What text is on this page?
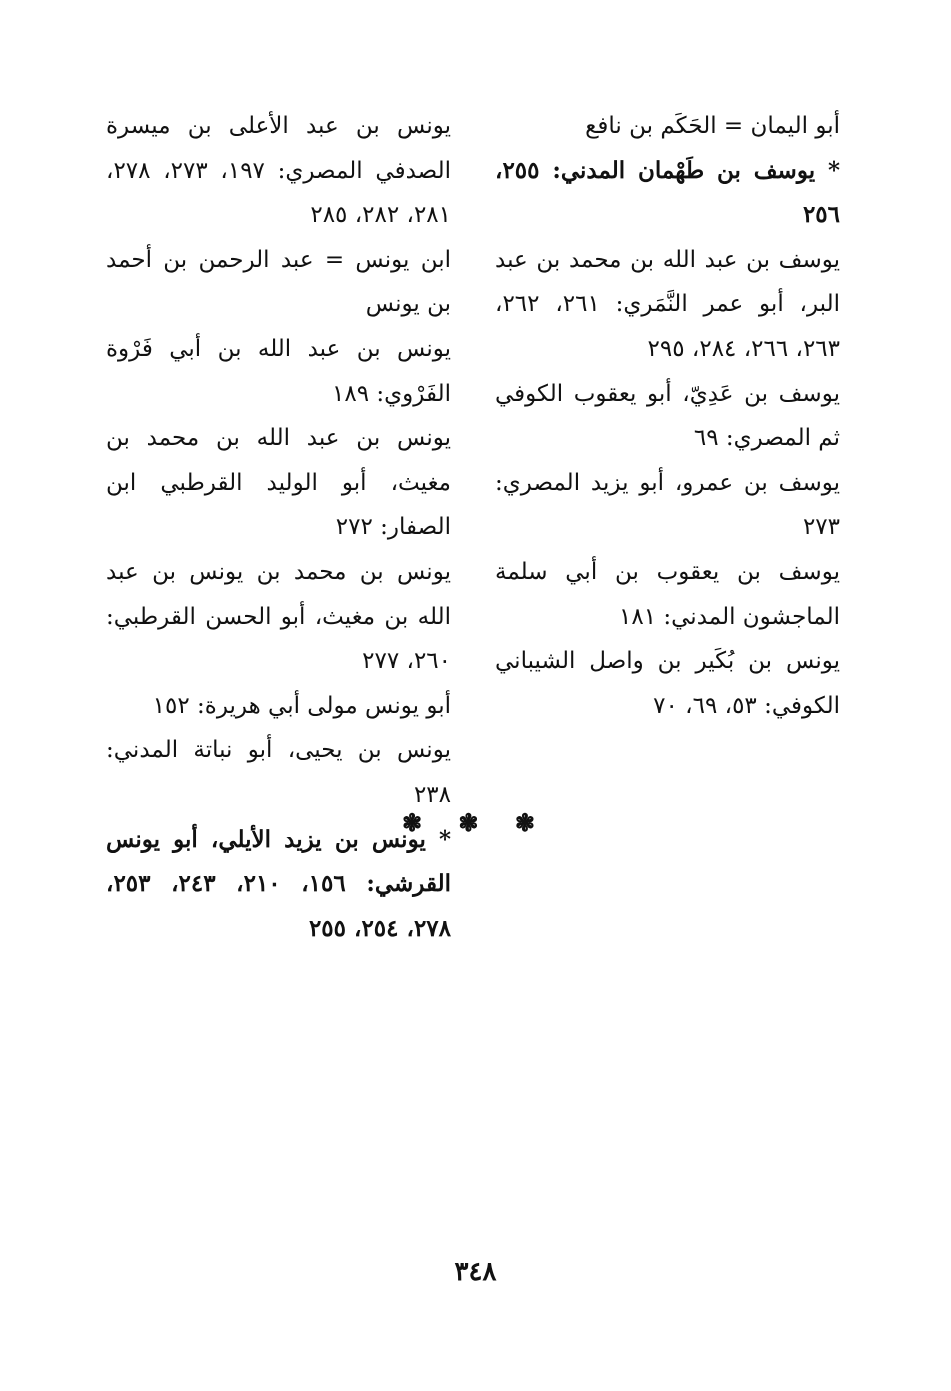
أبو اليمان = الحَكَم بن نافع
* يوسف بن طَهْمان المدني: ٢٥٥، ٢٥٦
يوسف بن عبد الله بن محمد بن عبد البر، أبو عمر النَّمَري: ٢٦١، ٢٦٢، ٢٦٣، ٢٦٦، ٢٨٤، ٢٩٥
يوسف بن عَدِيّ، أبو يعقوب الكوفي ثم المصري: ٦٩
يوسف بن عمرو، أبو يزيد المصري: ٢٧٣
يوسف بن يعقوب بن أبي سلمة الماجشون المدني: ١٨١
يونس بن بُكَير بن واصل الشيباني الكوفي: ٥٣، ٦٩، ٧٠
يونس بن عبد الأعلى بن ميسرة الصدفي المصري: ١٩٧، ٢٧٣، ٢٧٨، ٢٨١، ٢٨٢، ٢٨٥
ابن يونس = عبد الرحمن بن أحمد بن يونس
يونس بن عبد الله بن أبي فَرْوة الفَرْوي: ١٨٩
يونس بن عبد الله بن محمد بن مغيث، أبو الوليد القرطبي ابن الصفار: ٢٧٢
يونس بن محمد بن يونس بن عبد الله بن مغيث، أبو الحسن القرطبي: ٢٦٠، ٢٧٧
أبو يونس مولى أبي هريرة: ١٥٢
يونس بن يحيى، أبو نباتة المدني: ٢٣٨
* يونس بن يزيد الأيلي، أبو يونس القرشي: ١٥٦، ٢١٠، ٢٤٣، ٢٥٣، ٢٧٨، ٢٥٤، ٢٥٥
❃ ❃ ❃
٣٤٨
